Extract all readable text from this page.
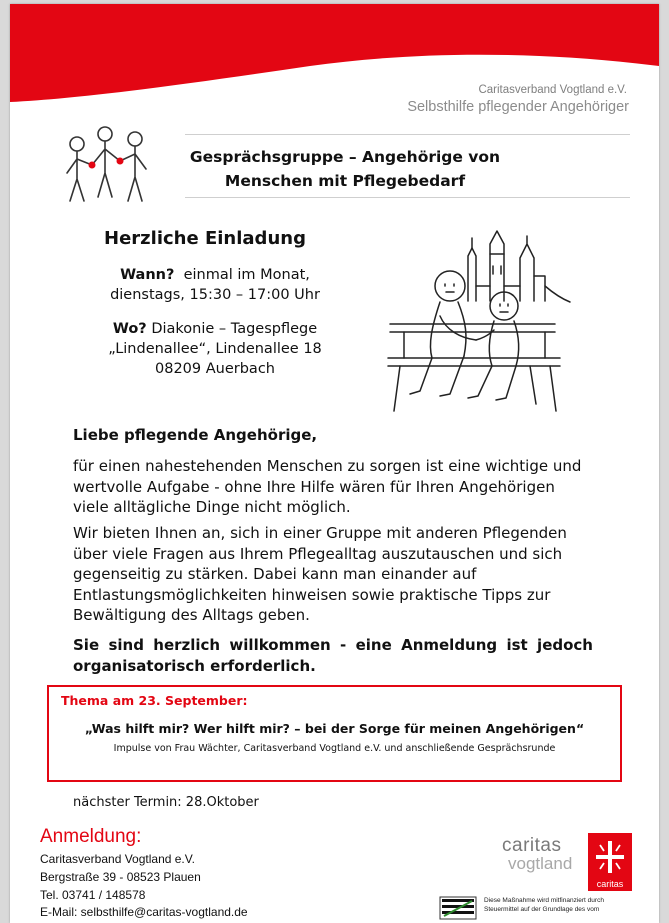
Caritasverband Vogtland e.V.
Selbsthilfe pflegender Angehöriger
Gesprächsgruppe – Angehörige von
Menschen mit Pflegebedarf
Herzliche Einladung
Wann? einmal im Monat,
dienstags, 15:30 – 17:00 Uhr
Wo? Diakonie – Tagespflege
„Lindenallee“, Lindenallee 18
08209 Auerbach
Liebe pflegende Angehörige,
für einen nahestehenden Menschen zu sorgen ist eine wichtige und wertvolle Aufgabe - ohne Ihre Hilfe wären für Ihren Angehörigen viele alltägliche Dinge nicht möglich.
Wir bieten Ihnen an, sich in einer Gruppe mit anderen Pflegenden über viele Fragen aus Ihrem Pflegealltag auszutauschen und sich gegenseitig zu stärken. Dabei kann man einander auf Entlastungsmöglichkeiten hinweisen sowie praktische Tipps zur Bewältigung des Alltags geben.
Sie sind herzlich willkommen - eine Anmeldung ist jedoch organisatorisch erforderlich.
Thema am 23. September:
„Was hilft mir? Wer hilft mir? – bei der Sorge für meinen Angehörigen“
Impulse von Frau Wächter, Caritasverband Vogtland e.V. und anschließende Gesprächsrunde
nächster Termin: 28.Oktober
Anmeldung:
Caritasverband Vogtland e.V.
Bergstraße 39 - 08523 Plauen
Tel. 03741 / 148578
E-Mail: selbsthilfe@caritas-vogtland.de
caritas
vogtland
caritas
Diese Maßnahme wird mitfinanziert durch
Steuermittel auf der Grundlage des vom
